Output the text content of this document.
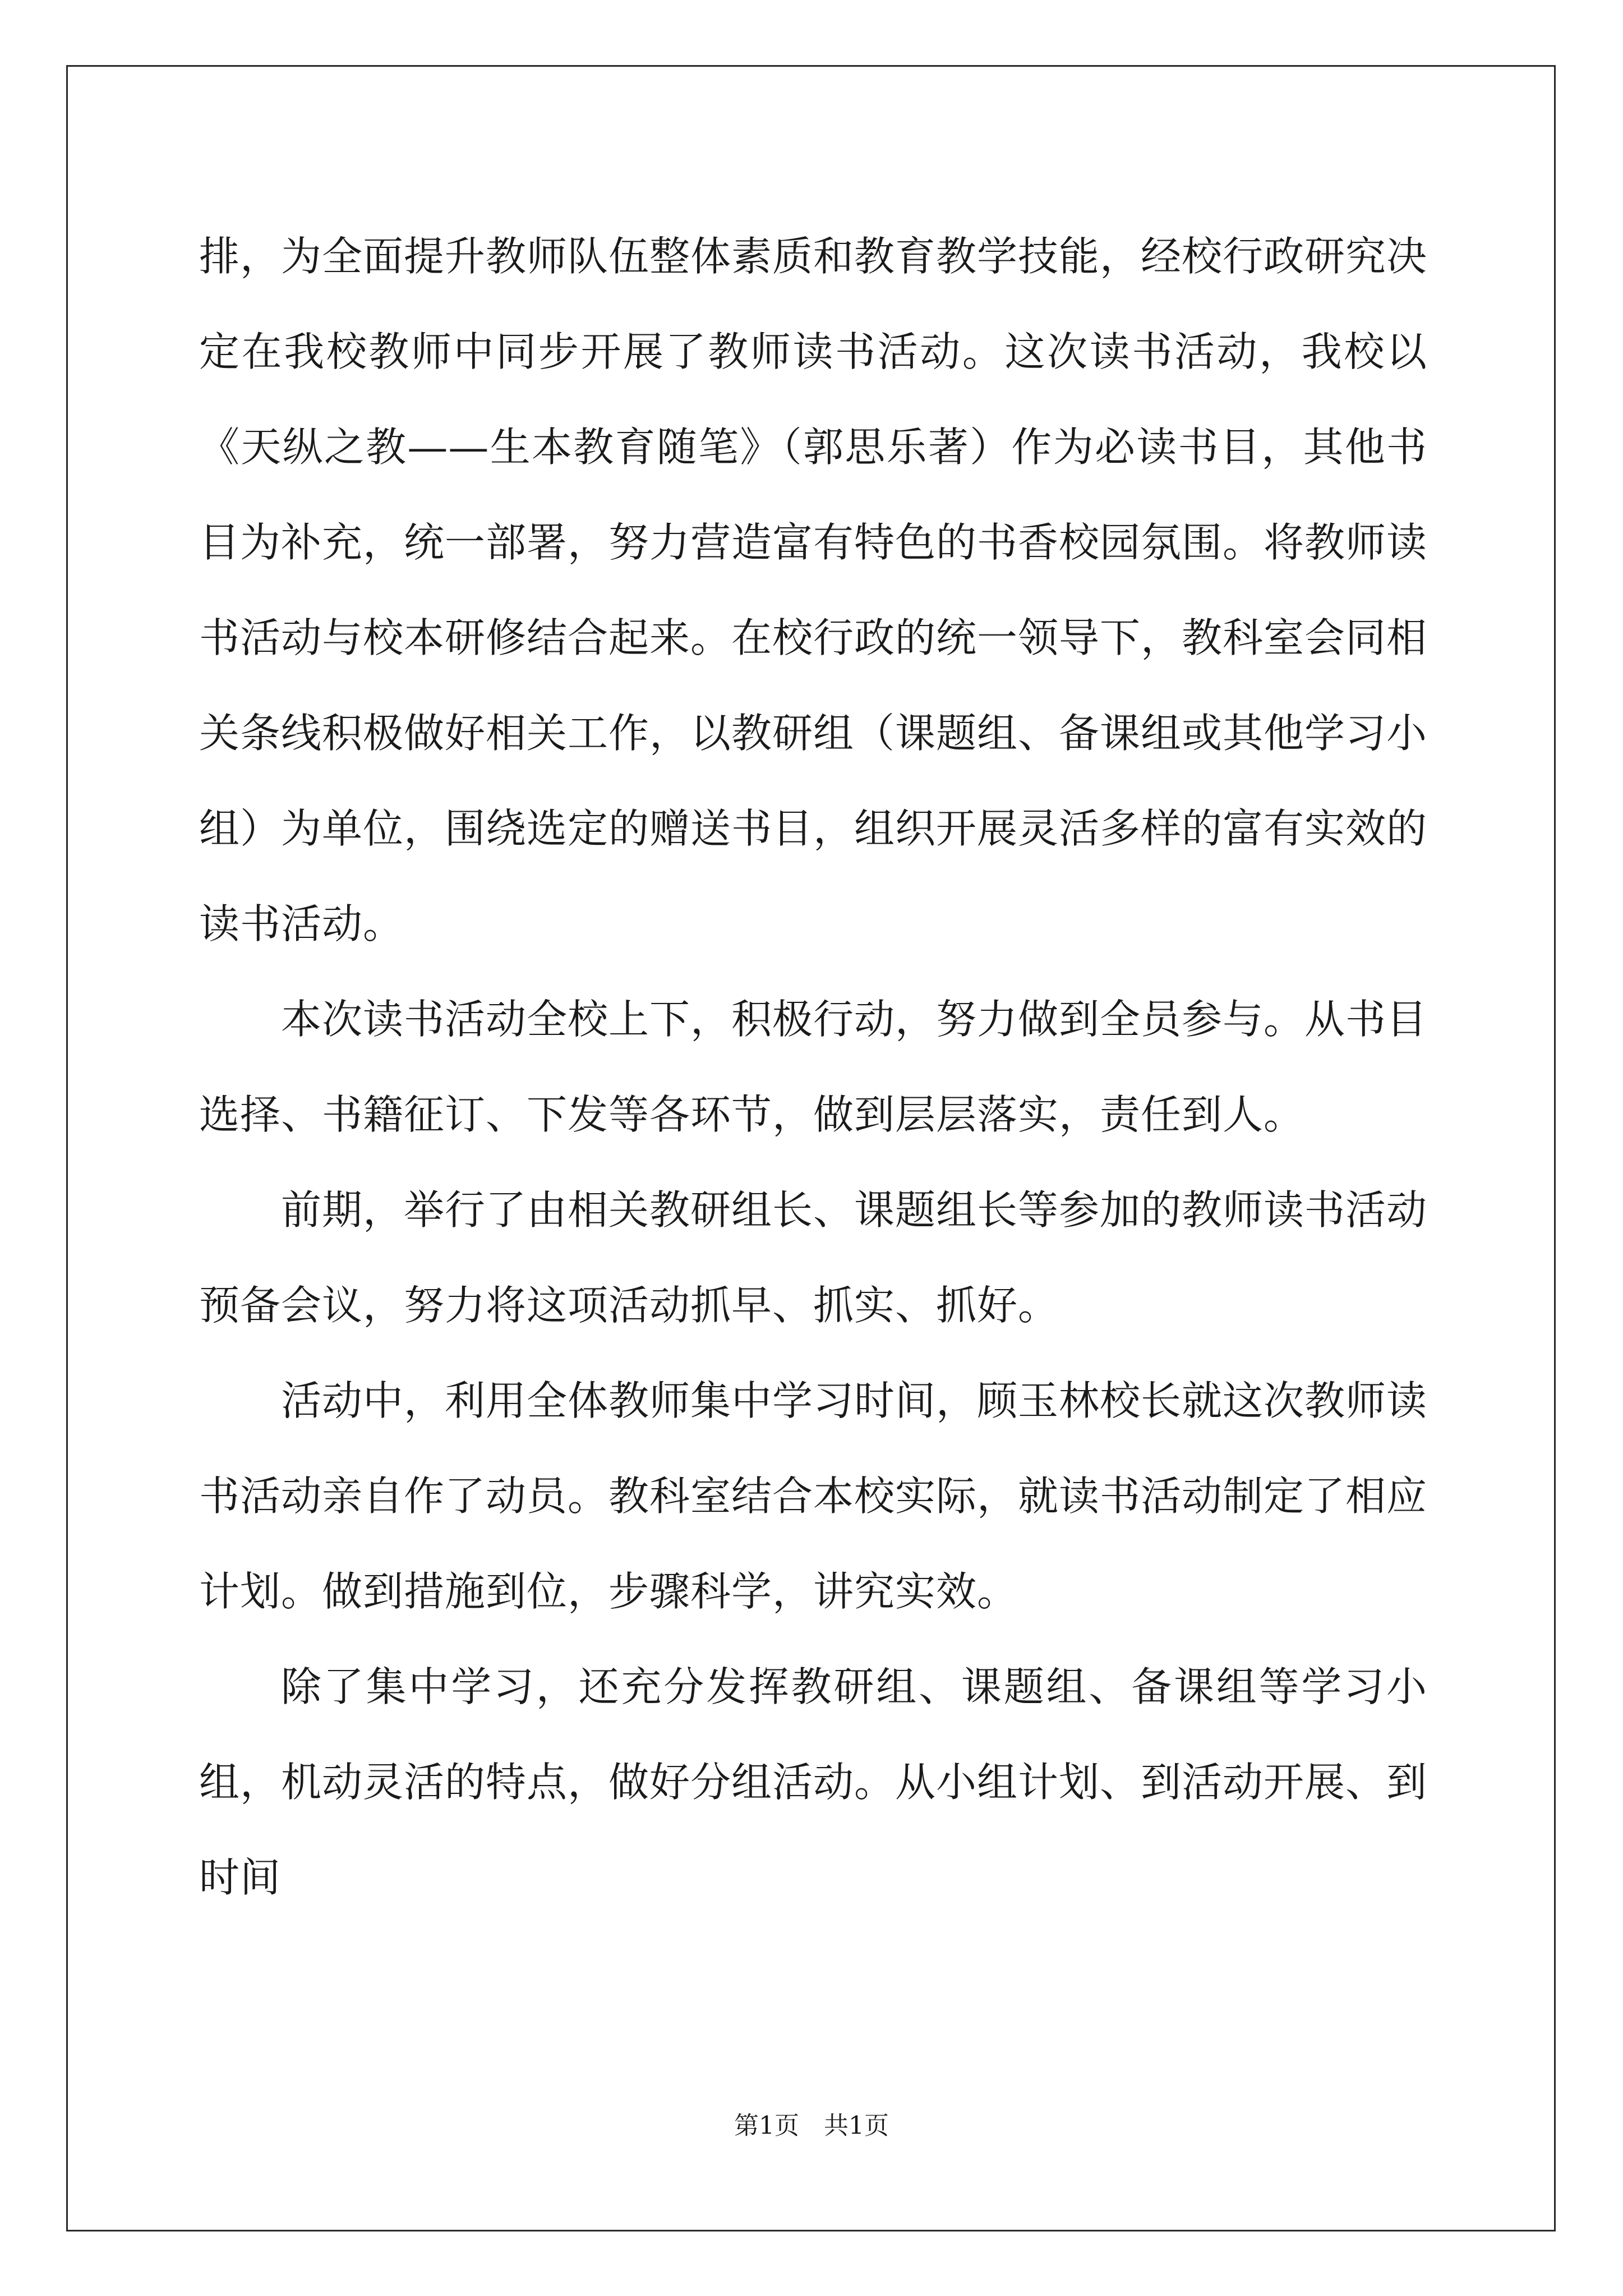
排，为全面提升教师队伍整体素质和教育教学技能，经校行政研究决定在我校教师中同步开展了教师读书活动。这次读书活动，我校以《天纵之教——生本教育随笔》（郭思乐著）作为必读书目，其他书目为补充，统一部署，努力营造富有特色的书香校园氛围。将教师读书活动与校本研修结合起来。在校行政的统一领导下，教科室会同相关条线积极做好相关工作，以教研组（课题组、备课组或其他学习小组）为单位，围绕选定的赠送书目，组织开展灵活多样的富有实效的读书活动。

本次读书活动全校上下，积极行动，努力做到全员参与。从书目选择、书籍征订、下发等各环节，做到层层落实，责任到人。

前期，举行了由相关教研组长、课题组长等参加的教师读书活动预备会议，努力将这项活动抓早、抓实、抓好。

活动中，利用全体教师集中学习时间，顾玉林校长就这次教师读书活动亲自作了动员。教科室结合本校实际，就读书活动制定了相应计划。做到措施到位，步骤科学，讲究实效。

除了集中学习，还充分发挥教研组、课题组、备课组等学习小组，机动灵活的特点，做好分组活动。从小组计划、到活动开展、到时间

第1页　共1页
